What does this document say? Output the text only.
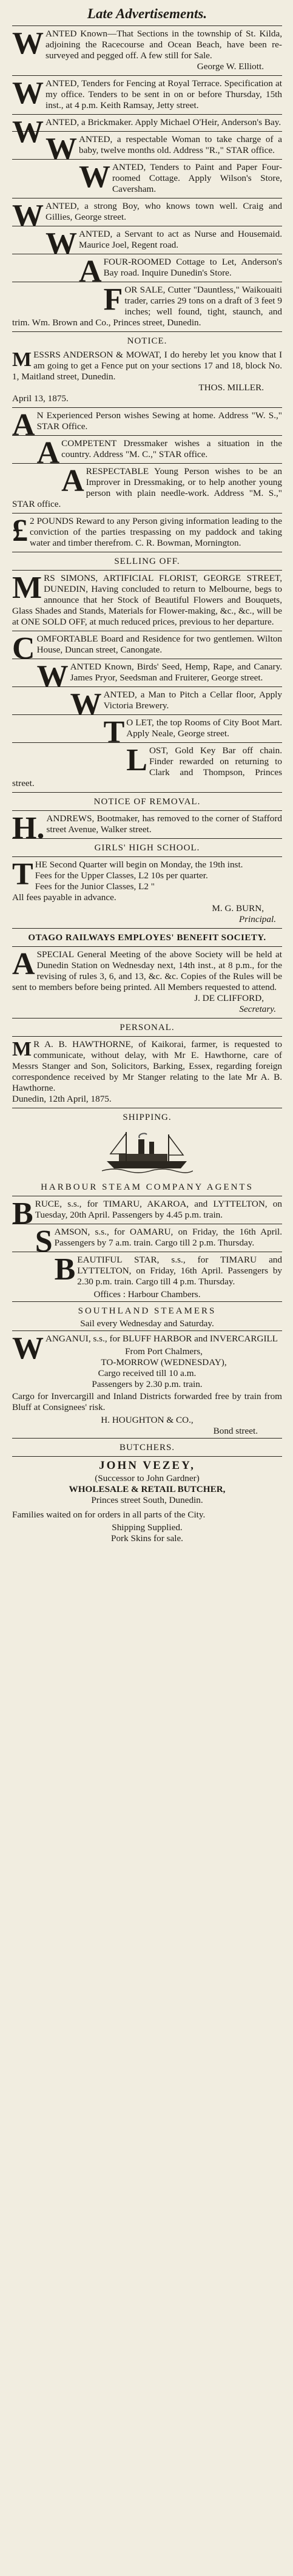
Late Advertisements.
WANTED Known—That Sections in the township of St. Kilda, adjoining the Racecourse and Ocean Beach, have been re-surveyed and pegged off. A few still for Sale.
George W. Elliott.
WANTED, Tenders for Fencing at Royal Terrace. Specification at my office. Tenders to be sent in on or before Thursday, 15th inst., at 4 p.m. Keith Ramsay, Jetty street.
WANTED, a Brickmaker. Apply Michael O'Heir, Anderson's Bay.
WANTED, a respectable Woman to take charge of a baby, twelve months old. Address "R.," STAR office.
WANTED, Tenders to Paint and Paper Four-roomed Cottage. Apply Wilson's Store, Caversham.
WANTED, a strong Boy, who knows town well. Craig and Gillies, George street.
WANTED, a Servant to act as Nurse and Housemaid. Maurice Joel, Regent road.
AFOUR-ROOMED Cottage to Let, Anderson's Bay road. Inquire Dunedin's Store.
FOR SALE, Cutter "Dauntless," Waikouaiti trader, carries 29 tons on a draft of 3 feet 9 inches; well found, tight, staunch, and trim. Wm. Brown and Co., Princes street, Dunedin.
NOTICE.
MESSRS ANDERSON & MOWAT, I do hereby let you know that I am going to get a Fence put on your sections 17 and 18, block No. 1, Maitland street, Dunedin.
THOS. MILLER.
April 13, 1875.
AN Experienced Person wishes Sewing at home. Address "W. S.," STAR Office.
ACOMPETENT Dressmaker wishes a situation in the country. Address "M. C.," STAR office.
ARESPECTABLE Young Person wishes to be an Improver in Dressmaking, or to help another young person with plain needle-work. Address "M. S.," STAR office.
£2 POUNDS Reward to any Person giving information leading to the conviction of the parties trespassing on my paddock and taking water and timber therefrom. C. R. Bowman, Mornington.
SELLING OFF.
MRS SIMONS, ARTIFICIAL FLORIST, GEORGE STREET, DUNEDIN, Having concluded to return to Melbourne, begs to announce that her Stock of Beautiful Flowers and Bouquets, Glass Shades and Stands, Materials for Flower-making, &c., &c., will be at ONE SOLD OFF, at much reduced prices, previous to her departure.
COMFORTABLE Board and Residence for two gentlemen. Wilton House, Duncan street, Canongate.
WANTED Known, Birds' Seed, Hemp, Rape, and Canary. James Pryor, Seedsman and Fruiterer, George street.
WANTED, a Man to Pitch a Cellar floor, Apply Victoria Brewery.
TO LET, the top Rooms of City Boot Mart. Apply Neale, George street.
LOST, Gold Key Bar off chain. Finder rewarded on returning to Clark and Thompson, Princes street.
NOTICE OF REMOVAL.
H.ANDREWS, Bootmaker, has removed to the corner of Stafford street Avenue, Walker street.
GIRLS' HIGH SCHOOL.
THE Second Quarter will begin on Monday, the 19th inst.
Fees for the Upper Classes, L2 10s per quarter.
Fees for the Junior Classes, L2 "
All fees payable in advance.
M. G. BURN,
Principal.
OTAGO RAILWAYS EMPLOYES' BENEFIT SOCIETY.
ASPECIAL General Meeting of the above Society will be held at Dunedin Station on Wednesday next, 14th inst., at 8 p.m., for the revising of rules 3, 6, and 13, &c. &c. Copies of the Rules will be sent to members before being printed. All Members requested to attend.
J. DE CLIFFORD,
Secretary.
PERSONAL.
MR A. B. HAWTHORNE, of Kaikorai, farmer, is requested to communicate, without delay, with Mr E. Hawthorne, care of Messrs Stanger and Son, Solicitors, Barking, Essex, regarding foreign correspondence received by Mr Stanger relating to the late Mr A. B. Hawthorne.
Dunedin, 12th April, 1875.
SHIPPING.
HARBOUR STEAM COMPANY AGENTS
BRUCE, s.s., for TIMARU, AKAROA, and LYTTELTON, on Tuesday, 20th April. Passengers by 4.45 p.m. train.
SAMSON, s.s., for OAMARU, on Friday, the 16th April. Passengers by 7 a.m. train. Cargo till 2 p.m. Thursday.
BEAUTIFUL STAR, s.s., for TIMARU and LYTTELTON, on Friday, 16th April. Passengers by 2.30 p.m. train. Cargo till 4 p.m. Thursday.
Offices : Harbour Chambers.
SOUTHLAND STEAMERS
Sail every Wednesday and Saturday.
WANGANUI, s.s., for BLUFF HARBOR and INVERCARGILL
From Port Chalmers,
TO-MORROW (WEDNESDAY),
Cargo received till 10 a.m.
Passengers by 2.30 p.m. train.
Cargo for Invercargill and Inland Districts forwarded free by train from Bluff at Consignees' risk.
H. HOUGHTON & CO.,
Bond street.
BUTCHERS.
JOHN VEZEY,
(Successor to John Gardner)
WHOLESALE & RETAIL BUTCHER,
Princes street South, Dunedin.
Families waited on for orders in all parts of the City.
Shipping Supplied.
Pork Skins for sale.
